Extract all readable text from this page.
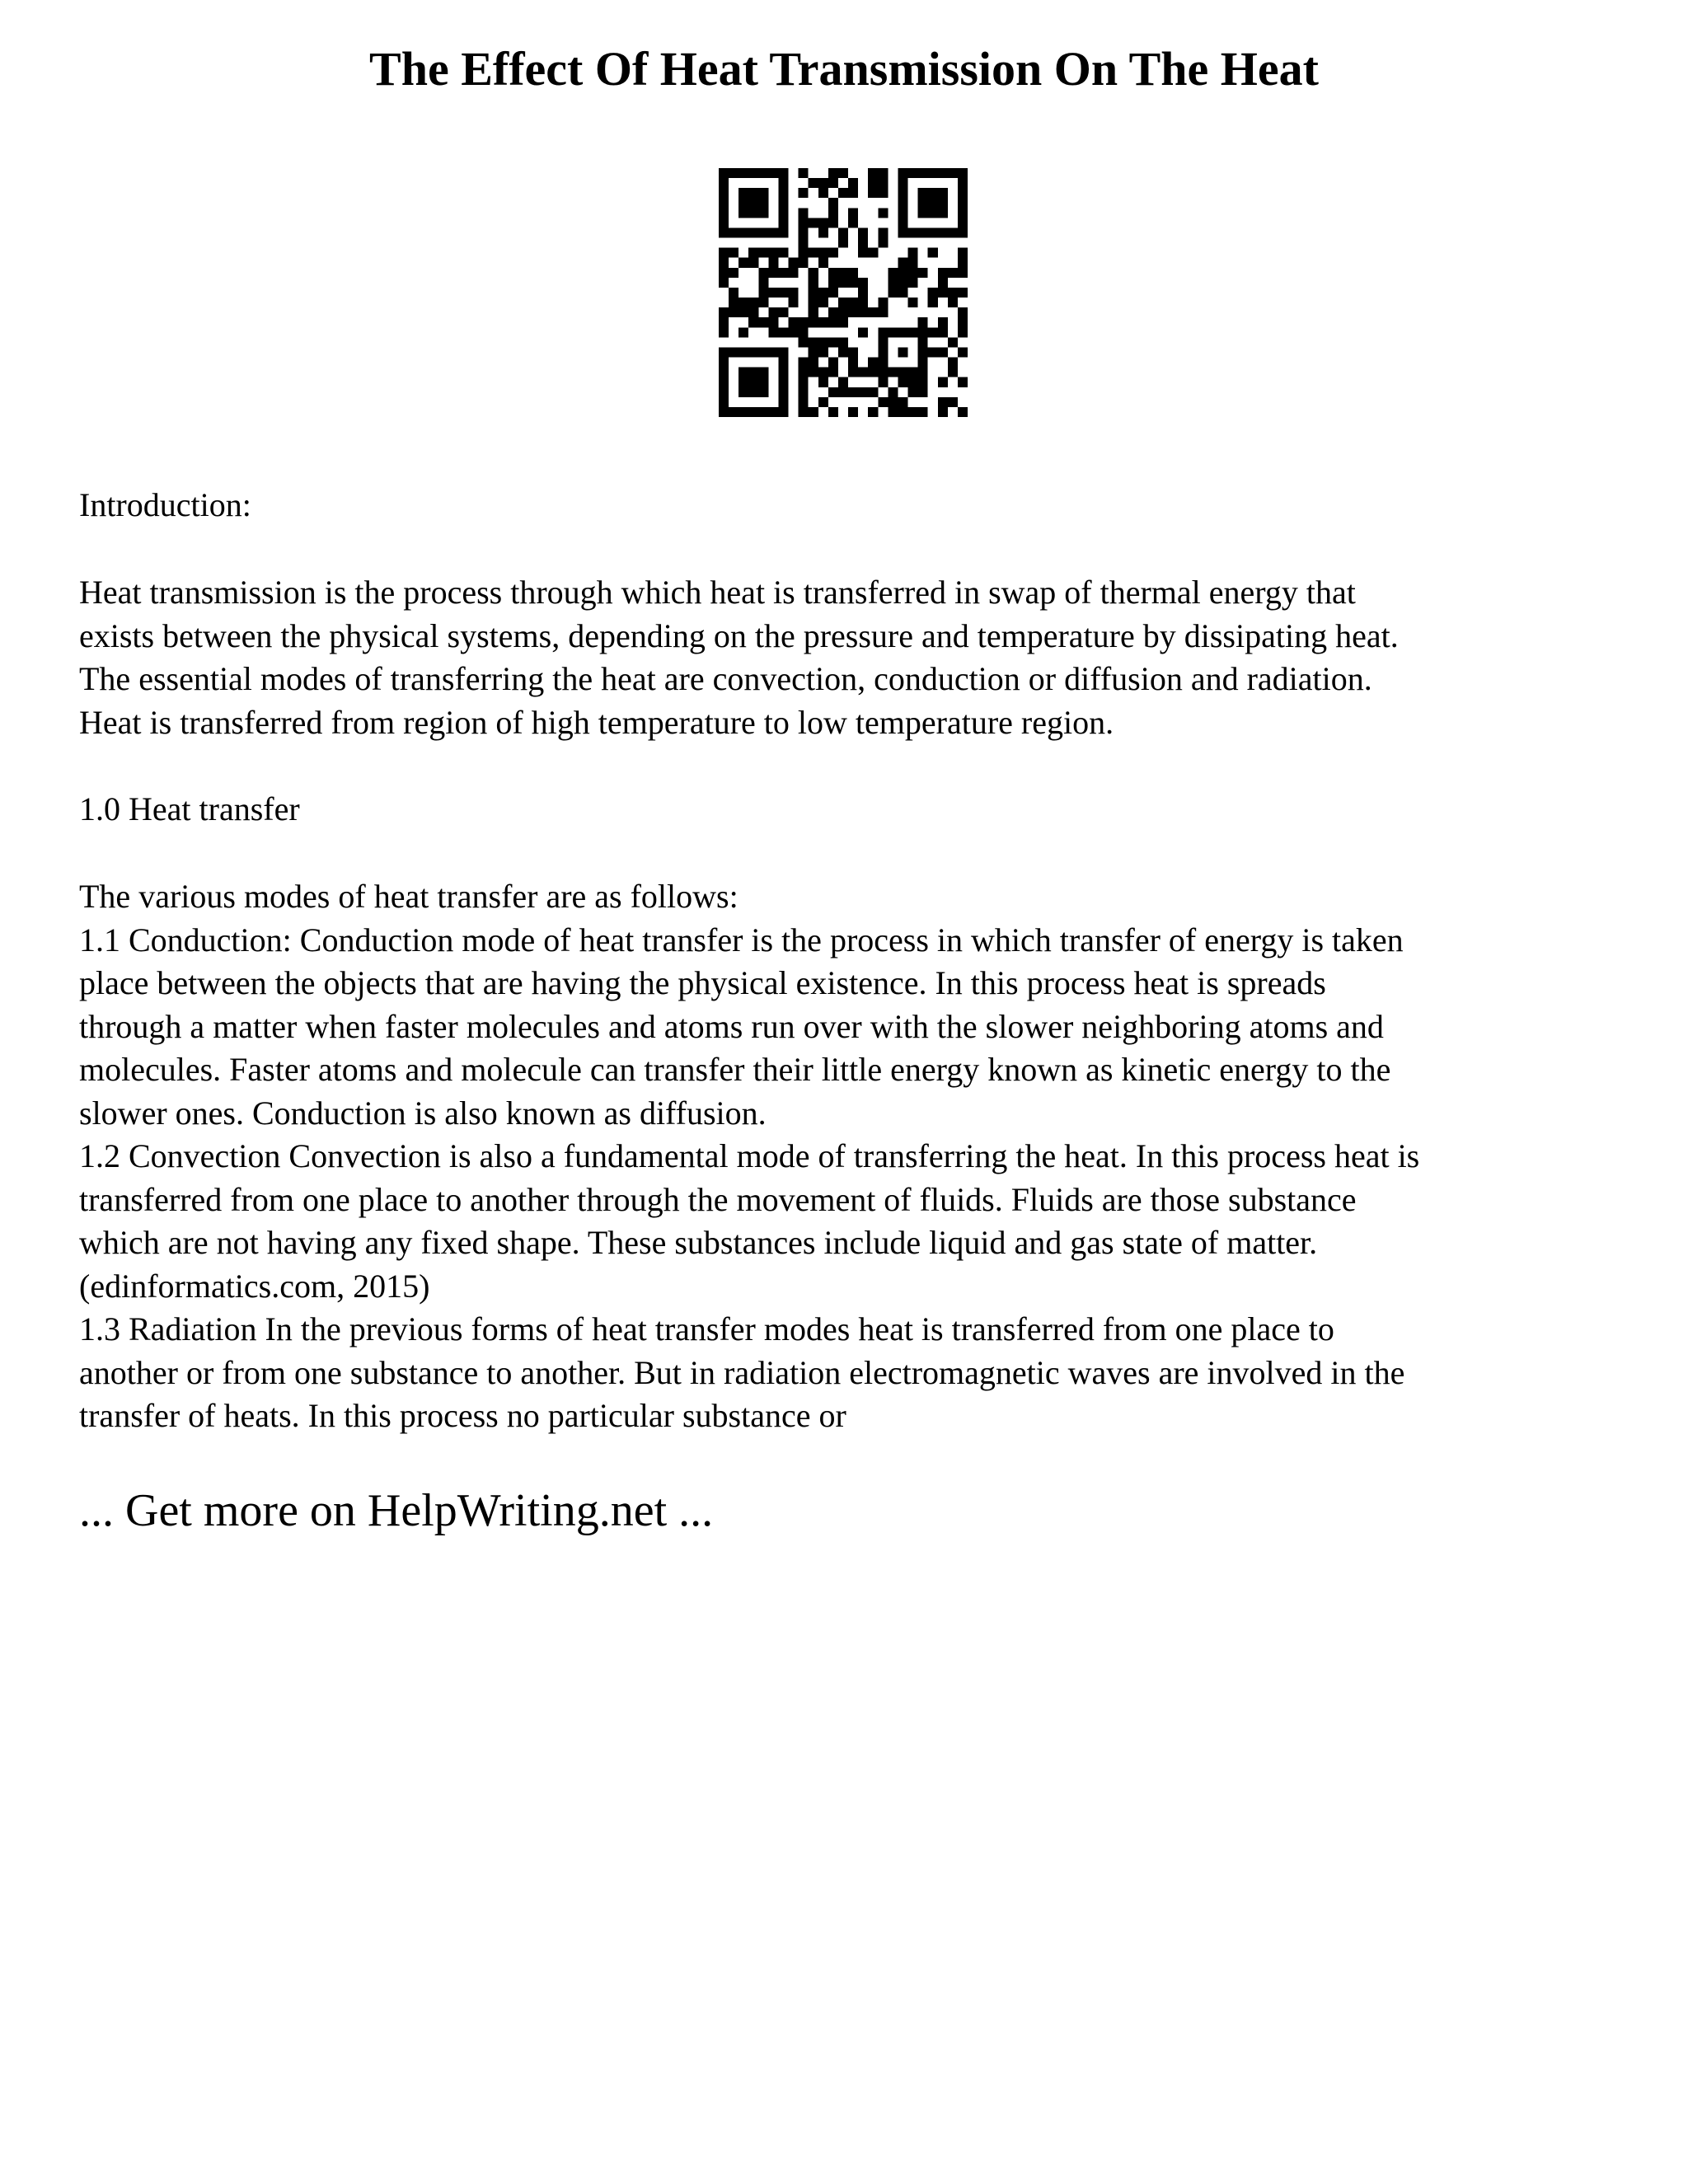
The Effect Of Heat Transmission On The Heat

Introduction:

Heat transmission is the process through which heat is transferred in swap of thermal energy that
exists between the physical systems, depending on the pressure and temperature by dissipating heat.
The essential modes of transferring the heat are convection, conduction or diffusion and radiation.
Heat is transferred from region of high temperature to low temperature region.

1.0 Heat transfer

The various modes of heat transfer are as follows:
1.1 Conduction: Conduction mode of heat transfer is the process in which transfer of energy is taken
place between the objects that are having the physical existence. In this process heat is spreads
through a matter when faster molecules and atoms run over with the slower neighboring atoms and
molecules. Faster atoms and molecule can transfer their little energy known as kinetic energy to the
slower ones. Conduction is also known as diffusion.
1.2 Convection Convection is also a fundamental mode of transferring the heat. In this process heat is
transferred from one place to another through the movement of fluids. Fluids are those substance
which are not having any fixed shape. These substances include liquid and gas state of matter.
(edinformatics.com, 2015)
1.3 Radiation In the previous forms of heat transfer modes heat is transferred from one place to
another or from one substance to another. But in radiation electromagnetic waves are involved in the
transfer of heats. In this process no particular substance or

... Get more on HelpWriting.net ...
